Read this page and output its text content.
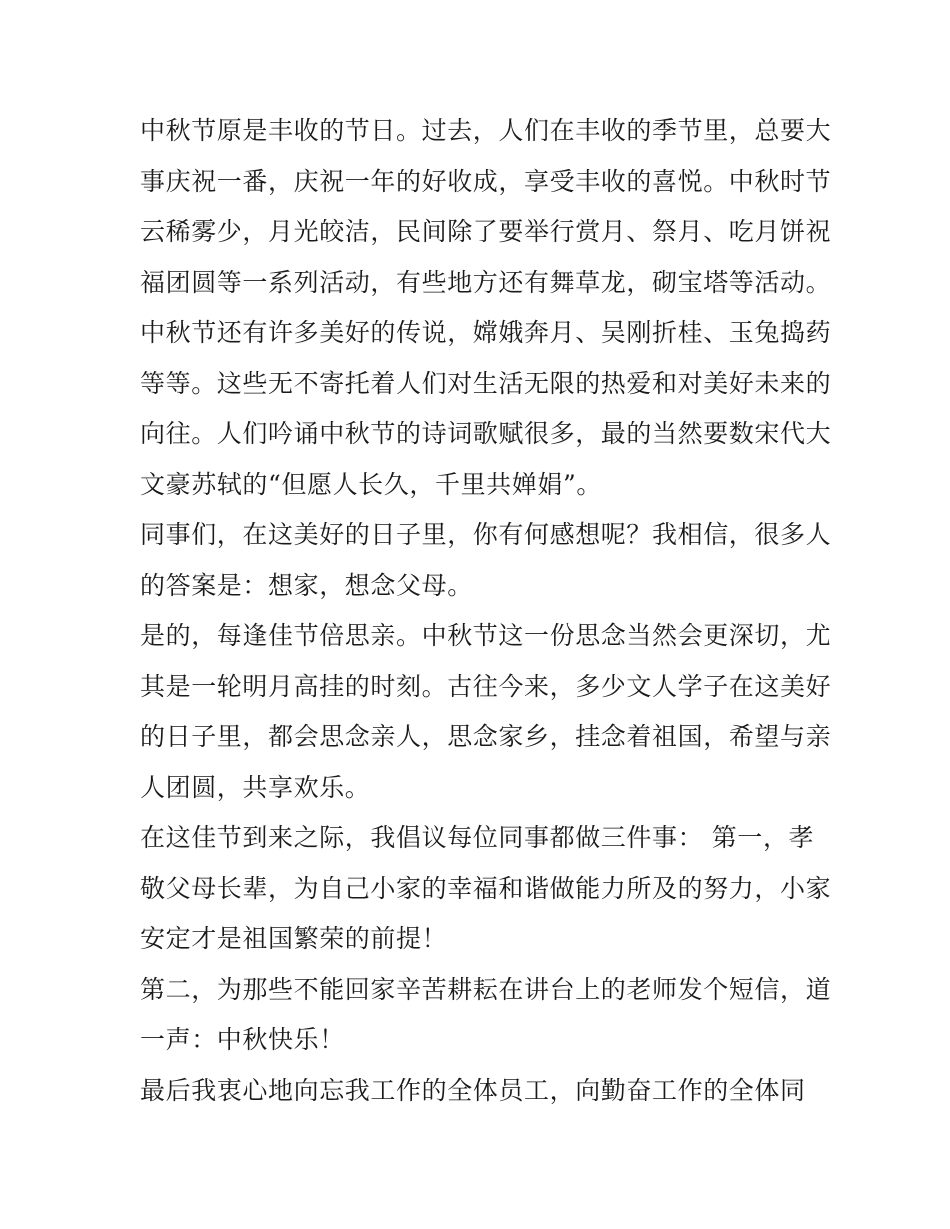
中秋节原是丰收的节日。过去，人们在丰收的季节里，总要大
事庆祝一番，庆祝一年的好收成，享受丰收的喜悦。中秋时节
云稀雾少，月光皎洁，民间除了要举行赏月、祭月、吃月饼祝
福团圆等一系列活动，有些地方还有舞草龙，砌宝塔等活动。

中秋节还有许多美好的传说，嫦娥奔月、吴刚折桂、玉兔捣药
等等。这些无不寄托着人们对生活无限的热爱和对美好未来的
向往。人们吟诵中秋节的诗词歌赋很多，最的当然要数宋代大
文豪苏轼的“但愿人长久，千里共婵娟”。

同事们，在这美好的日子里，你有何感想呢？我相信，很多人
的答案是：想家，想念父母。

是的，每逢佳节倍思亲。中秋节这一份思念当然会更深切，尤
其是一轮明月高挂的时刻。古往今来，多少文人学子在这美好
的日子里，都会思念亲人，思念家乡，挂念着祖国，希望与亲
人团圆，共享欢乐。

在这佳节到来之际，我倡议每位同事都做三件事： 第一，孝
敬父母长辈，为自己小家的幸福和谐做能力所及的努力，小家
安定才是祖国繁荣的前提！

第二，为那些不能回家辛苦耕耘在讲台上的老师发个短信，道
一声：中秋快乐！

最后我衷心地向忘我工作的全体员工，向勤奋工作的全体同
